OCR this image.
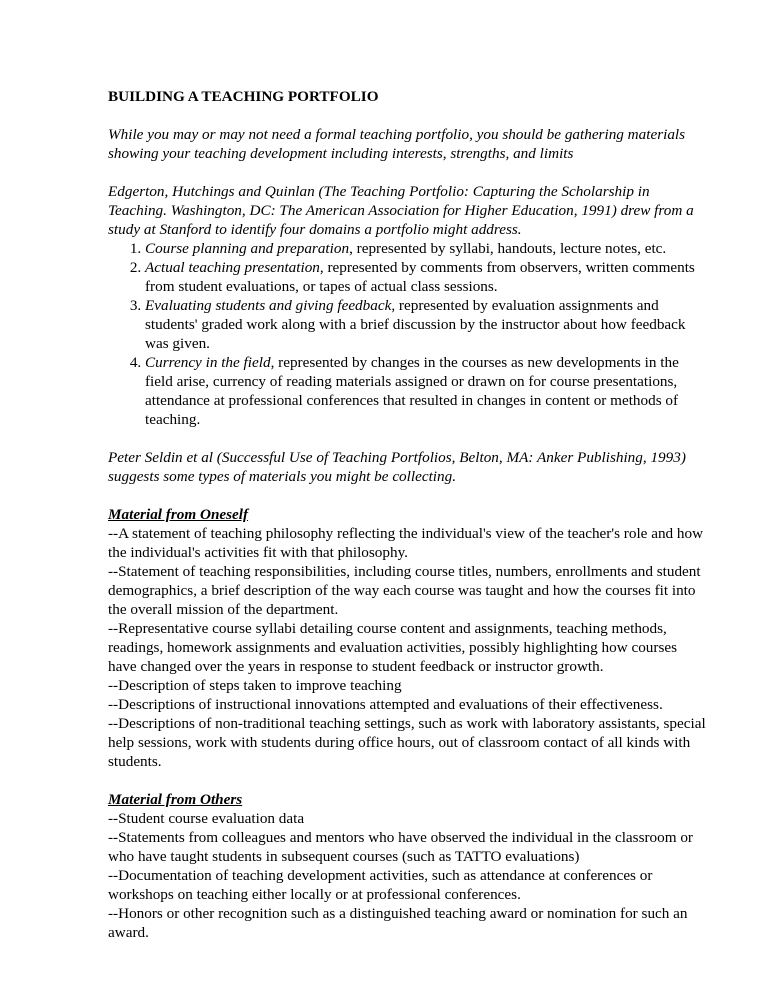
BUILDING A TEACHING PORTFOLIO

While you may or may not need a formal teaching portfolio, you should be gathering materials showing your teaching development including interests, strengths, and limits

Edgerton, Hutchings and Quinlan (The Teaching Portfolio: Capturing the Scholarship in Teaching. Washington, DC: The American Association for Higher Education, 1991) drew from a study at Stanford to identify four domains a portfolio might address.

1. Course planning and preparation, represented by syllabi, handouts, lecture notes, etc.
2. Actual teaching presentation, represented by comments from observers, written comments from student evaluations, or tapes of actual class sessions.
3. Evaluating students and giving feedback, represented by evaluation assignments and students' graded work along with a brief discussion by the instructor about how feedback was given.
4. Currency in the field, represented by changes in the courses as new developments in the field arise, currency of reading materials assigned or drawn on for course presentations, attendance at professional conferences that resulted in changes in content or methods of teaching.

Peter Seldin et al (Successful Use of Teaching Portfolios, Belton, MA: Anker Publishing, 1993) suggests some types of materials you might be collecting.

Material from Oneself

--A statement of teaching philosophy reflecting the individual's view of the teacher's role and how the individual's activities fit with that philosophy.

--Statement of teaching responsibilities, including course titles, numbers, enrollments and student demographics, a brief description of the way each course was taught and how the courses fit into the overall mission of the department.

--Representative course syllabi detailing course content and assignments, teaching methods, readings, homework assignments and evaluation activities, possibly highlighting how courses have changed over the years in response to student feedback or instructor growth.

--Description of steps taken to improve teaching

--Descriptions of instructional innovations attempted and evaluations of their effectiveness.

--Descriptions of non-traditional teaching settings, such as work with laboratory assistants, special help sessions, work with students during office hours, out of classroom contact of all kinds with students.

Material from Others

--Student course evaluation data

--Statements from colleagues and mentors who have observed the individual in the classroom or who have taught students in subsequent courses (such as TATTO evaluations)

--Documentation of teaching development activities, such as attendance at conferences or workshops on teaching either locally or at professional conferences.

--Honors or other recognition such as a distinguished teaching award or nomination for such an award.
